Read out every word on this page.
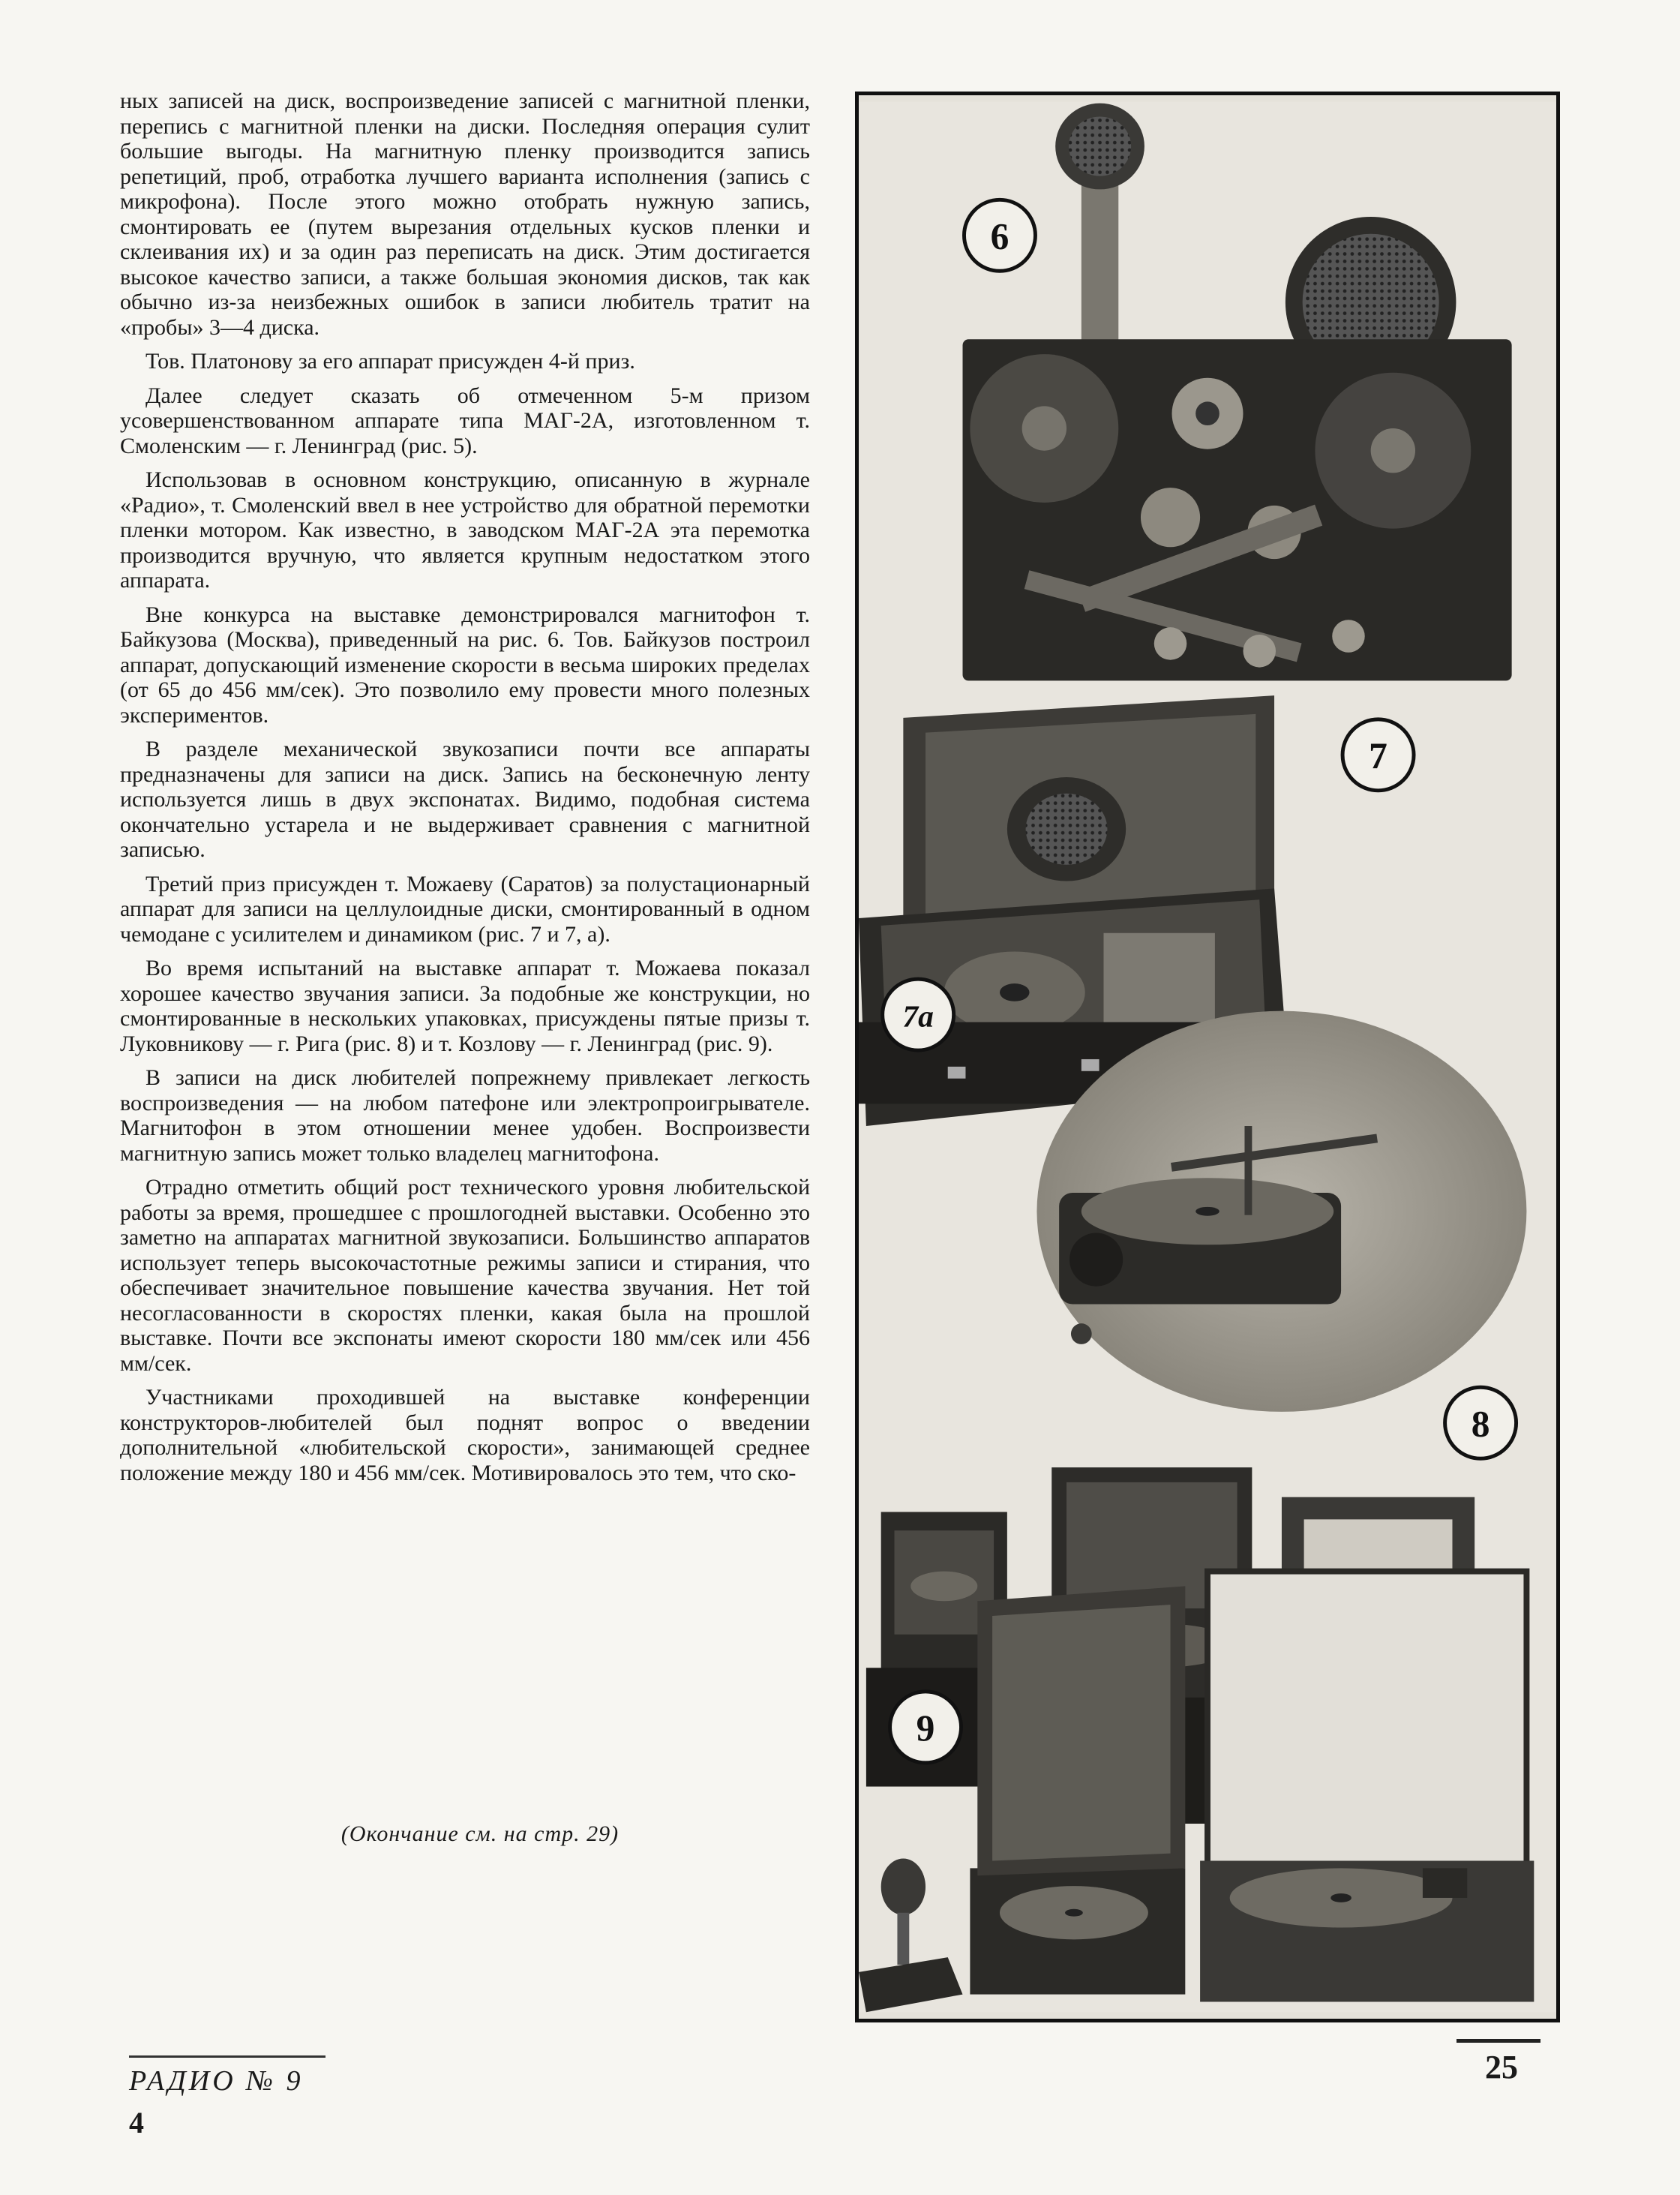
ных записей на диск, воспроизведение записей с магнитной пленки, перепись с магнитной пленки на диски. Последняя операция сулит большие выгоды. На магнитную пленку производится запись репетиций, проб, отработка лучшего варианта исполнения (запись с микрофона). После этого можно отобрать нужную запись, смонтировать ее (путем вырезания отдельных кусков пленки и склеивания их) и за один раз переписать на диск. Этим достигается высокое качество записи, а также большая экономия дисков, так как обычно из-за неизбежных ошибок в записи любитель тратит на «пробы» 3—4 диска.

Тов. Платонову за его аппарат присужден 4-й приз.

Далее следует сказать об отмеченном 5-м призом усовершенствованном аппарате типа МАГ-2А, изготовленном т. Смоленским — г. Ленинград (рис. 5).

Использовав в основном конструкцию, описанную в журнале «Радио», т. Смоленский ввел в нее устройство для обратной перемотки пленки мотором. Как известно, в заводском МАГ-2А эта перемотка производится вручную, что является крупным недостатком этого аппарата.

Вне конкурса на выставке демонстрировался магнитофон т. Байкузова (Москва), приведенный на рис. 6. Тов. Байкузов построил аппарат, допускающий изменение скорости в весьма широких пределах (от 65 до 456 мм/сек). Это позволило ему провести много полезных экспериментов.

В разделе механической звукозаписи почти все аппараты предназначены для записи на диск. Запись на бесконечную ленту используется лишь в двух экспонатах. Видимо, подобная система окончательно устарела и не выдерживает сравнения с магнитной записью.

Третий приз присужден т. Можаеву (Саратов) за полустационарный аппарат для записи на целлулоидные диски, смонтированный в одном чемодане с усилителем и динамиком (рис. 7 и 7, а).

Во время испытаний на выставке аппарат т. Можаева показал хорошее качество звучания записи. За подобные же конструкции, но смонтированные в нескольких упаковках, присуждены пятые призы т. Луковникову — г. Рига (рис. 8) и т. Козлову — г. Ленинград (рис. 9).

В записи на диск любителей попрежнему привлекает легкость воспроизведения — на любом патефоне или электропроигрывателе. Магнитофон в этом отношении менее удобен. Воспроизвести магнитную запись может только владелец магнитофона.

Отрадно отметить общий рост технического уровня любительской работы за время, прошедшее с прошлогодней выставки. Особенно это заметно на аппаратах магнитной звукозаписи. Большинство аппаратов использует теперь высокочастотные режимы записи и стирания, что обеспечивает значительное повышение качества звучания. Нет той несогласованности в скоростях пленки, какая была на прошлой выставке. Почти все экспонаты имеют скорости 180 мм/сек или 456 мм/сек.

Участниками проходившей на выставке конференции конструкторов-любителей был поднят вопрос о введении дополнительной «любительской скорости», занимающей среднее положение между 180 и 456 мм/сек. Мотивировалось это тем, что ско-

(Окончание см. на стр. 29)
РАДИО № 9
4
25
6
7
7a
8
9
